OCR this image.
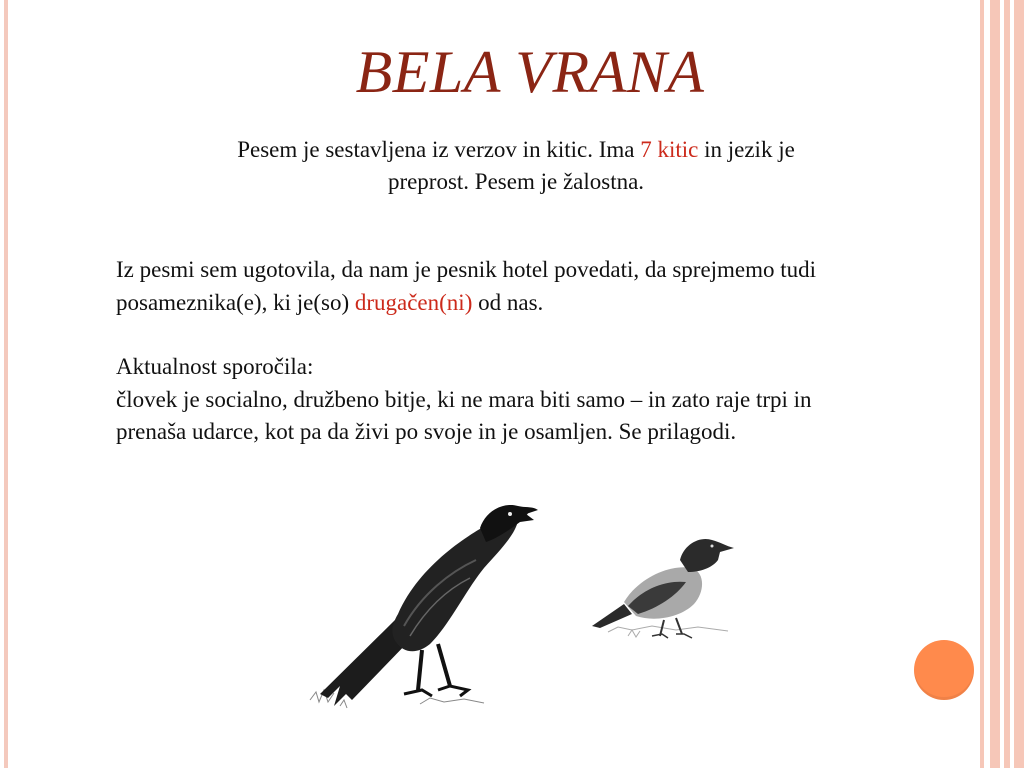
BELA VRANA
Pesem je sestavljena iz verzov in kitic. Ima 7 kitic in jezik je preprost. Pesem je žalostna.

Iz pesmi sem ugotovila, da nam je pesnik hotel povedati, da sprejmemo tudi posameznika(e), ki je(so) drugačen(ni) od nas.

Aktualnost sporočila:

človek je socialno, družbeno bitje, ki ne mara biti samo – in zato raje trpi in prenaša udarce, kot pa da živi po svoje in je osamljen. Se prilagodi.
